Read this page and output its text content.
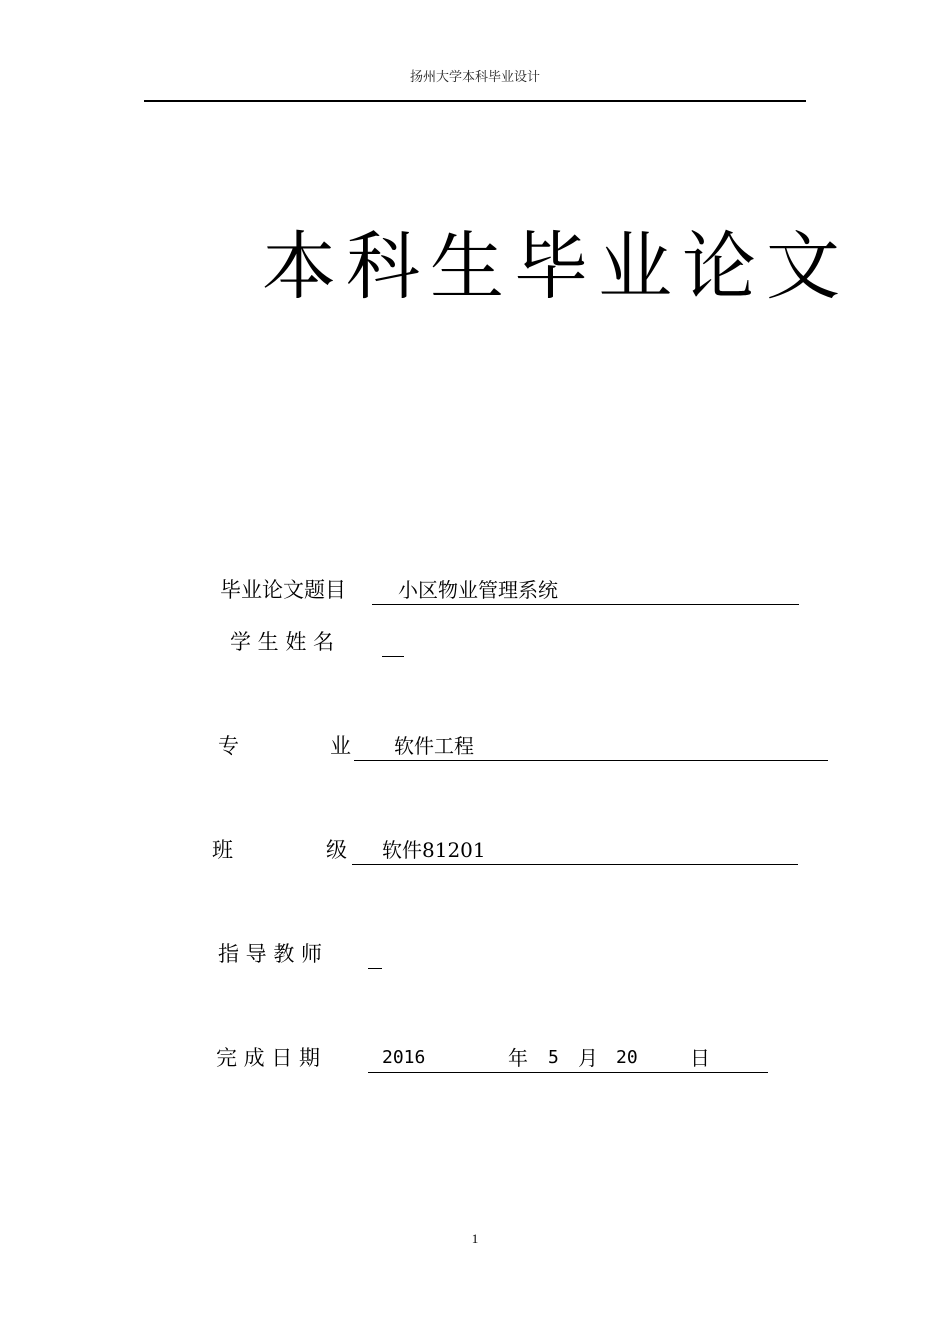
扬州大学本科毕业设计
本科生毕业论文
毕业论文题目	小区物业管理系统
学 生 姓 名
专	业	软件工程
班	级	软件81201
指 导 教 师
完 成 日 期	2016	年 5 月 20	日
1
